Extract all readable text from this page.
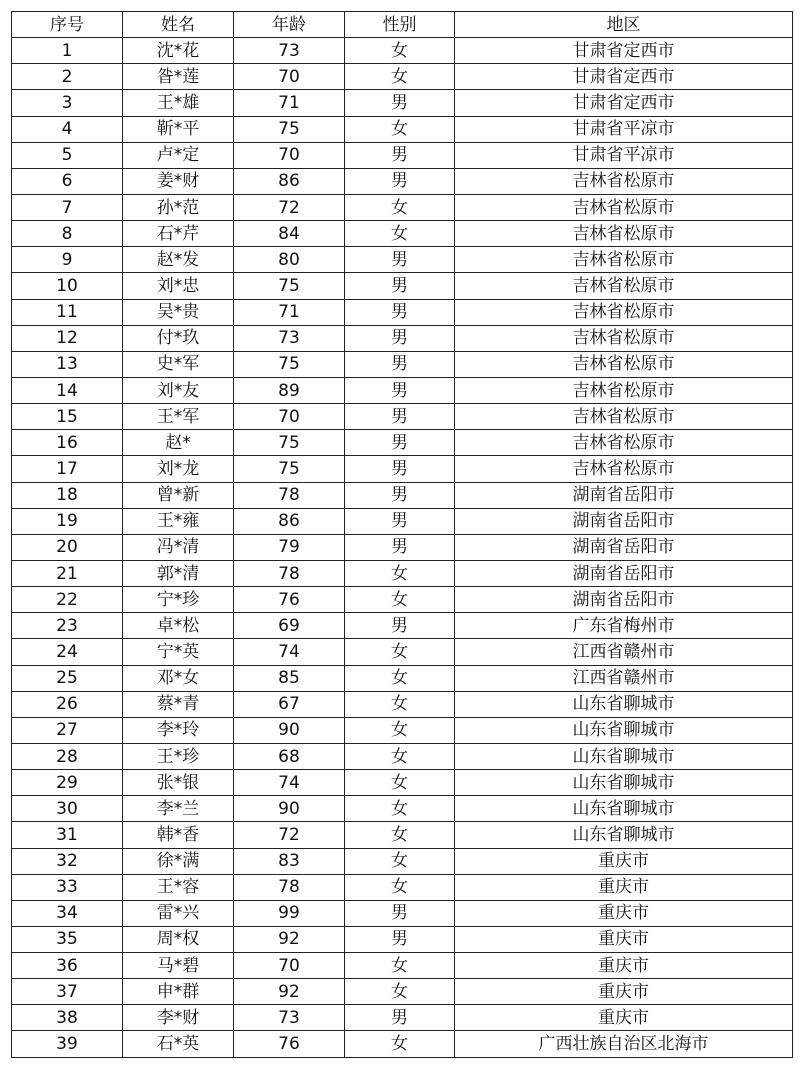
序号	姓名	年龄	性别	地区
1	沈*花	73	女	甘肃省定西市
2	昝*莲	70	女	甘肃省定西市
3	王*雄	71	男	甘肃省定西市
4	靳*平	75	女	甘肃省平凉市
5	卢*定	70	男	甘肃省平凉市
6	姜*财	86	男	吉林省松原市
7	孙*范	72	女	吉林省松原市
8	石*芹	84	女	吉林省松原市
9	赵*发	80	男	吉林省松原市
10	刘*忠	75	男	吉林省松原市
11	吴*贵	71	男	吉林省松原市
12	付*玖	73	男	吉林省松原市
13	史*军	75	男	吉林省松原市
14	刘*友	89	男	吉林省松原市
15	王*军	70	男	吉林省松原市
16	赵*	75	男	吉林省松原市
17	刘*龙	75	男	吉林省松原市
18	曾*新	78	男	湖南省岳阳市
19	王*雍	86	男	湖南省岳阳市
20	冯*清	79	男	湖南省岳阳市
21	郭*清	78	女	湖南省岳阳市
22	宁*珍	76	女	湖南省岳阳市
23	卓*松	69	男	广东省梅州市
24	宁*英	74	女	江西省赣州市
25	邓*女	85	女	江西省赣州市
26	蔡*青	67	女	山东省聊城市
27	李*玲	90	女	山东省聊城市
28	王*珍	68	女	山东省聊城市
29	张*银	74	女	山东省聊城市
30	李*兰	90	女	山东省聊城市
31	韩*香	72	女	山东省聊城市
32	徐*满	83	女	重庆市
33	王*容	78	女	重庆市
34	雷*兴	99	男	重庆市
35	周*权	92	男	重庆市
36	马*碧	70	女	重庆市
37	申*群	92	女	重庆市
38	李*财	73	男	重庆市
39	石*英	76	女	广西壮族自治区北海市
